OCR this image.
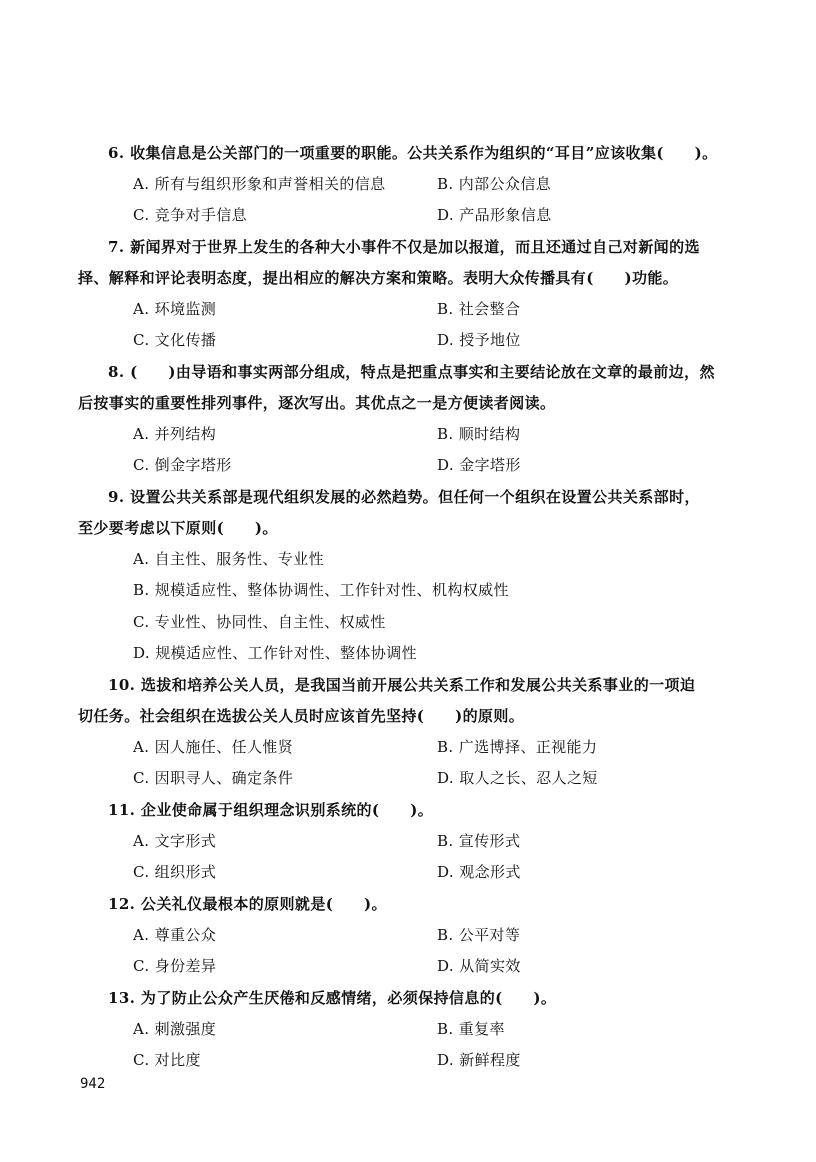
6. 收集信息是公关部门的一项重要的职能。公共关系作为组织的“耳目”应该收集(　　)。
A. 所有与组织形象和声誉相关的信息	B. 内部公众信息
C. 竞争对手信息	D. 产品形象信息
7. 新闻界对于世界上发生的各种大小事件不仅是加以报道，而且还通过自己对新闻的选
择、解释和评论表明态度，提出相应的解决方案和策略。表明大众传播具有(　　)功能。
A. 环境监测	B. 社会整合
C. 文化传播	D. 授予地位
8. (　　)由导语和事实两部分组成，特点是把重点事实和主要结论放在文章的最前边，然
后按事实的重要性排列事件，逐次写出。其优点之一是方便读者阅读。
A. 并列结构	B. 顺时结构
C. 倒金字塔形	D. 金字塔形
9. 设置公共关系部是现代组织发展的必然趋势。但任何一个组织在设置公共关系部时，
至少要考虑以下原则(　　)。
A. 自主性、服务性、专业性
B. 规模适应性、整体协调性、工作针对性、机构权威性
C. 专业性、协同性、自主性、权威性
D. 规模适应性、工作针对性、整体协调性
10. 选拔和培养公关人员，是我国当前开展公共关系工作和发展公共关系事业的一项迫
切任务。社会组织在选拔公关人员时应该首先坚持(　　)的原则。
A. 因人施任、任人惟贤	B. 广选博择、正视能力
C. 因职寻人、确定条件	D. 取人之长、忍人之短
11. 企业使命属于组织理念识别系统的(　　)。
A. 文字形式	B. 宣传形式
C. 组织形式	D. 观念形式
12. 公关礼仪最根本的原则就是(　　)。
A. 尊重公众	B. 公平对等
C. 身份差异	D. 从简实效
13. 为了防止公众产生厌倦和反感情绪，必须保持信息的(　　)。
A. 刺激强度	B. 重复率
C. 对比度	D. 新鲜程度
942
